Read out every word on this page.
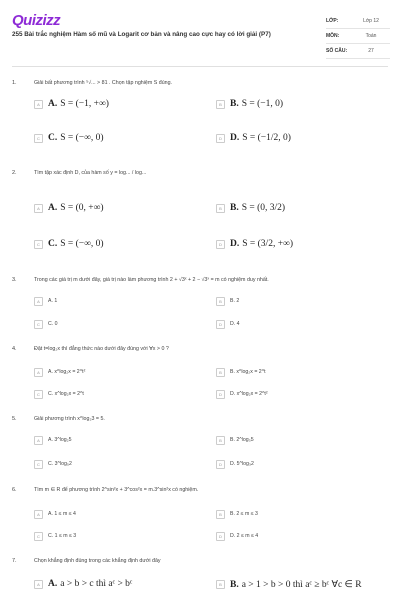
Quizizz
255 Bài trắc nghiệm Hàm số mũ và Logarit cơ bản và nâng cao cực hay có lời giải (P7)
LỚP:	Lớp 12
MÔN:	Toán
SỐ CÂU:	27
1.	Giải bất phương trình ⁵√... > 81 . Chọn tập nghiệm S đúng.
A A. S = (−1, +∞)	B B. S = (−1, 0)
C C. S = (−∞, 0)	D D. S = (−1/2, 0)
2.	Tìm tập xác định D, của hàm số y = log... / log...
A A. S = (0, +∞)	B B. S = (0, 3/2)
C C. S = (−∞, 0)	D D. S = (3/2, +∞)
3.	Trong các giá trị m dưới đây, giá trị nào làm phương trình 2 + √3ˣ + 2 − √3ˣ = m có nghiệm duy nhất.
A	A. 1	B	B. 2
C	C. 0	D	D. 4
4.	Đặt t=log₂x thì đẳng thức nào dưới đây đúng với ∀x > 0 ?
A	A. x^log₂x = 2^t²	B	B. x^log₂x = 2^t
C	C. x^log₂x = 2^t	D	D. x^log₂x = 2^t²
5.	Giải phương trình x^log₂3 = 5.
A	A. 3^log₂5	B	B. 2^log₃5
C	C. 3^log₅2	D	D. 5^log₃2
6.	Tìm m ∈ R để phương trình 2^sin²x + 3^cos²x = m.3^sin²x có nghiệm.
A	A. 1 ≤ m ≤ 4	B	B. 2 ≤ m ≤ 3
C	C. 1 ≤ m ≤ 3	D	D. 2 ≤ m ≤ 4
7.	Chọn khẳng định đúng trong các khẳng định dưới đây
A A. a > b > c thì aᶜ > bᶜ	B B. a > 1 > b > 0 thì aᶜ ≥ bᶜ ∀c ∈ R
